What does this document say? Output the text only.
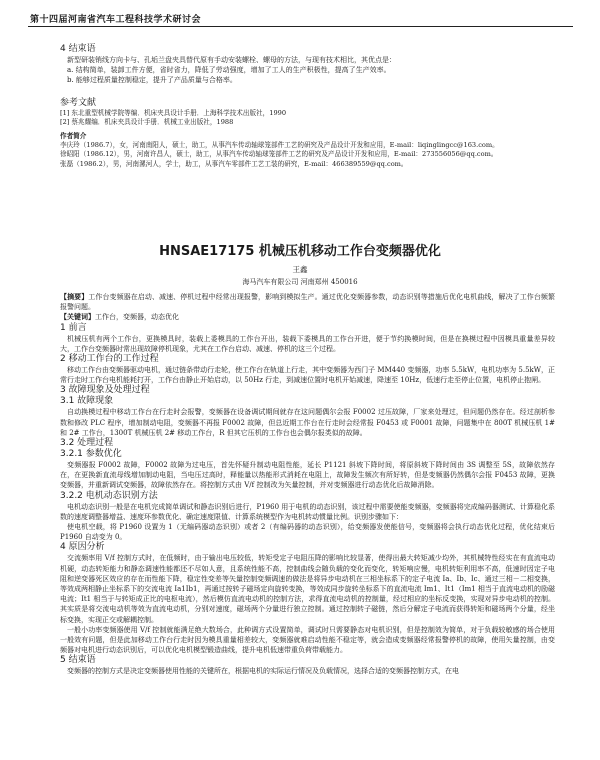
第十四届河南省汽车工程科技学术研讨会

4 结束语

新型研装销线方向卡与、孔垢兰盘夹具替代原有手动安装螺栓、螺母的方法，与现有技术相比，其优点是：

a. 结构简单，装卸工件方便，省时省力，降低了劳动强度，增加了工人的生产积极性，提高了生产效率。

b. 能够过程质量控制稳定，提升了产品质量与合格率。

参考文献

[1] 东北重型机械学院等编．机床夹具设计手册．上海科学技术出版社，1990

[2] 蔡兆耀编．机床夹具设计手册．机械工业出版社，1988

作者简介

李庆玲（1986.7），女，河南南阳人，硕士，助工，从事汽车传动轴球笼部件工艺的研究及产品设计开发和应用，E-mail：liqinglingcc@163.com。

徐昭阳（1986.12），男，河南许昌人，硕士，助工，从事汽车传动轴球笼部件工艺的研究及产品设计开发和应用，E-mail：273556056@qq.com。

张磊（1986.2），男，河南漯河人，学士，助工，从事汽车零部件工艺工装的研究，E-mail：466389559@qq.com。

HNSAE17175 机械压机移动工作台变频器优化
王鑫
海马汽车有限公司 河南郑州 450016

【摘要】工作台变频器在启动、减速、停机过程中经常出现报警，影响到模拟生产。通过优化变频器参数，动态识别等措施后优化电机曲线，解决了工作台频繁报警问题。

【关键词】工作台，变频器，动态优化

1 前言

机械压机有两个工作台，更换模具时，装载上委模具的工作台开出，装载下委模具的工作台开进，便于节约换模时间，但是在换模过程中因模具重量差异较大，工作台变频器时常出现故障停机现象，尤其在工作台启动、减速、停机的这三个过程。

2 移动工作台的工作过程

移动工作台由变频器驱动电机，通过链条带动行走轮，使工作台在轨道上行走，其中变频器为西门子 MM440 变频器，功率 5.5kW，电机功率为 5.5kW，正常行走时工作台电机能耗打开，工作台由静止开始启动，以 50Hz 行走，到减速位置时电机开始减速，降速至 10Hz，低速行走至停止位置，电机停止抱闸。

3 故障现象及处理过程

3.1 故障现象

自动换模过程中移动工作台在行走时会报警，变频器在设备调试期间就存在这问题偶尔会报 F0002 过压故障，厂家来处理过，但问题仍然存在。经过剖析参数和修改 PLC 程序，增加制动电阻，变频器不再报 F0002 故障，但总近期工作台在行走时会经常报 F0453 或 F0001 故障，问题集中在 800T 机械压机 1# 和 2# 工作台，1300T 机械压机 2# 移动工作台，R 但其它压机的工作台也会偶尔报类似的故障。

3.2 处理过程

3.2.1 参数优化

变频器报 F0002 故障，F0002 故障为过电压，首先怀疑升制动电阻性能，延长 P1121 斜坡下降时间，将原斜坡下降时间由 3S 调整至 5S，故障依然存在，在更换新直流母线增加制动电阻，当电压过高时，释能量以热能形式消耗在电阻上，故障发生频次有所好转，但是变频器仍然偶尔会报 F0453 故障，更换变频器，并重新调试变频器，故障依然存在。将控制方式由 V/f 控制改为矢量控制，并对变频器进行动态优化后故障消除。

3.2.2 电机动态识别方法

电机动态识别一般是在电机完成简单调试和静态识别后进行，P1960 用于电机的动态识别，该过程中需要使能变频器，变频器将完成编码器测试、计算稳化系数的速度调整器增益、速度环参数优化、确定速度限值、计算系统模型作为电机转动惯量比例。识别步骤如下：

使电机空载，将 P1960 设置为 1（无编码器动态识别）或者 2（有编码器的动态识别），给变频器发使能信号，变频器将会执行动态优化过程，优化结束后 P1960 自动变为 0。

4 原因分析

交流频率用 V/f 控制方式时，在低频时，由于输出电压较低，转矩受定子电阻压降的影响比较显著，使得出最大转矩减少均外，其机械特性经实在有直流电动机硬，动态转矩能力和静态调速性能都还不尽如人意，且系统性能不高，控制曲线会随负载的变化而变化，转矩响应慢，电机转矩利用率不高，低速时因定子电阻和逆变器死区效应的存在而性能下降，稳定性变差等矢量控制变频调速的做法是将异步电动机在三相坐标系下的定子电流 Ia、Ib、Ic、通过三相－二相变换，等效成两相静止坐标系下的交流电流 Ia1Ib1，再通过按转子磁场定向旋转变换，等效成同步旋转坐标系下的直流电流 Im1、It1（Im1 相当于直流电动机的励磁电流；It1 相当于与转矩成正比的电枢电流），然后模仿直流电动机的控制方法，求得直流电动机的控制量，经过相应的坐标反变换，实现对异步电动机的控制。其实质是将交流电动机等效为直流电动机，分别对速度，磁场两个分量进行独立控制。通过控制转子磁链，然后分解定子电流而获得转矩和磁场两个分量，经坐标变换，实现正交或解耦控制。

一般小功率变频器使用 V/f 控制就能满足绝大数场合，此种调方式设置简单，调试时只需要静态对电机识别，但是控制效为简单，对于负载较敏感的场合使用一般效有问题，但是此加移动工作台行走时因为模具重量相差较大，变频器就难启动性能不稳定等，就会造成变频器经常报警停机的故障，使用矢量控制，由变频器对电机进行动态识别后，可以优化电机模型锻造曲线，提升电机低速带重负荷带载能力。

5 结束语

变频器的控制方式是决定变频器使用性能的关键所在，根据电机的实际运行情况及负载情况，选择合适的变频器控制方式，在电
